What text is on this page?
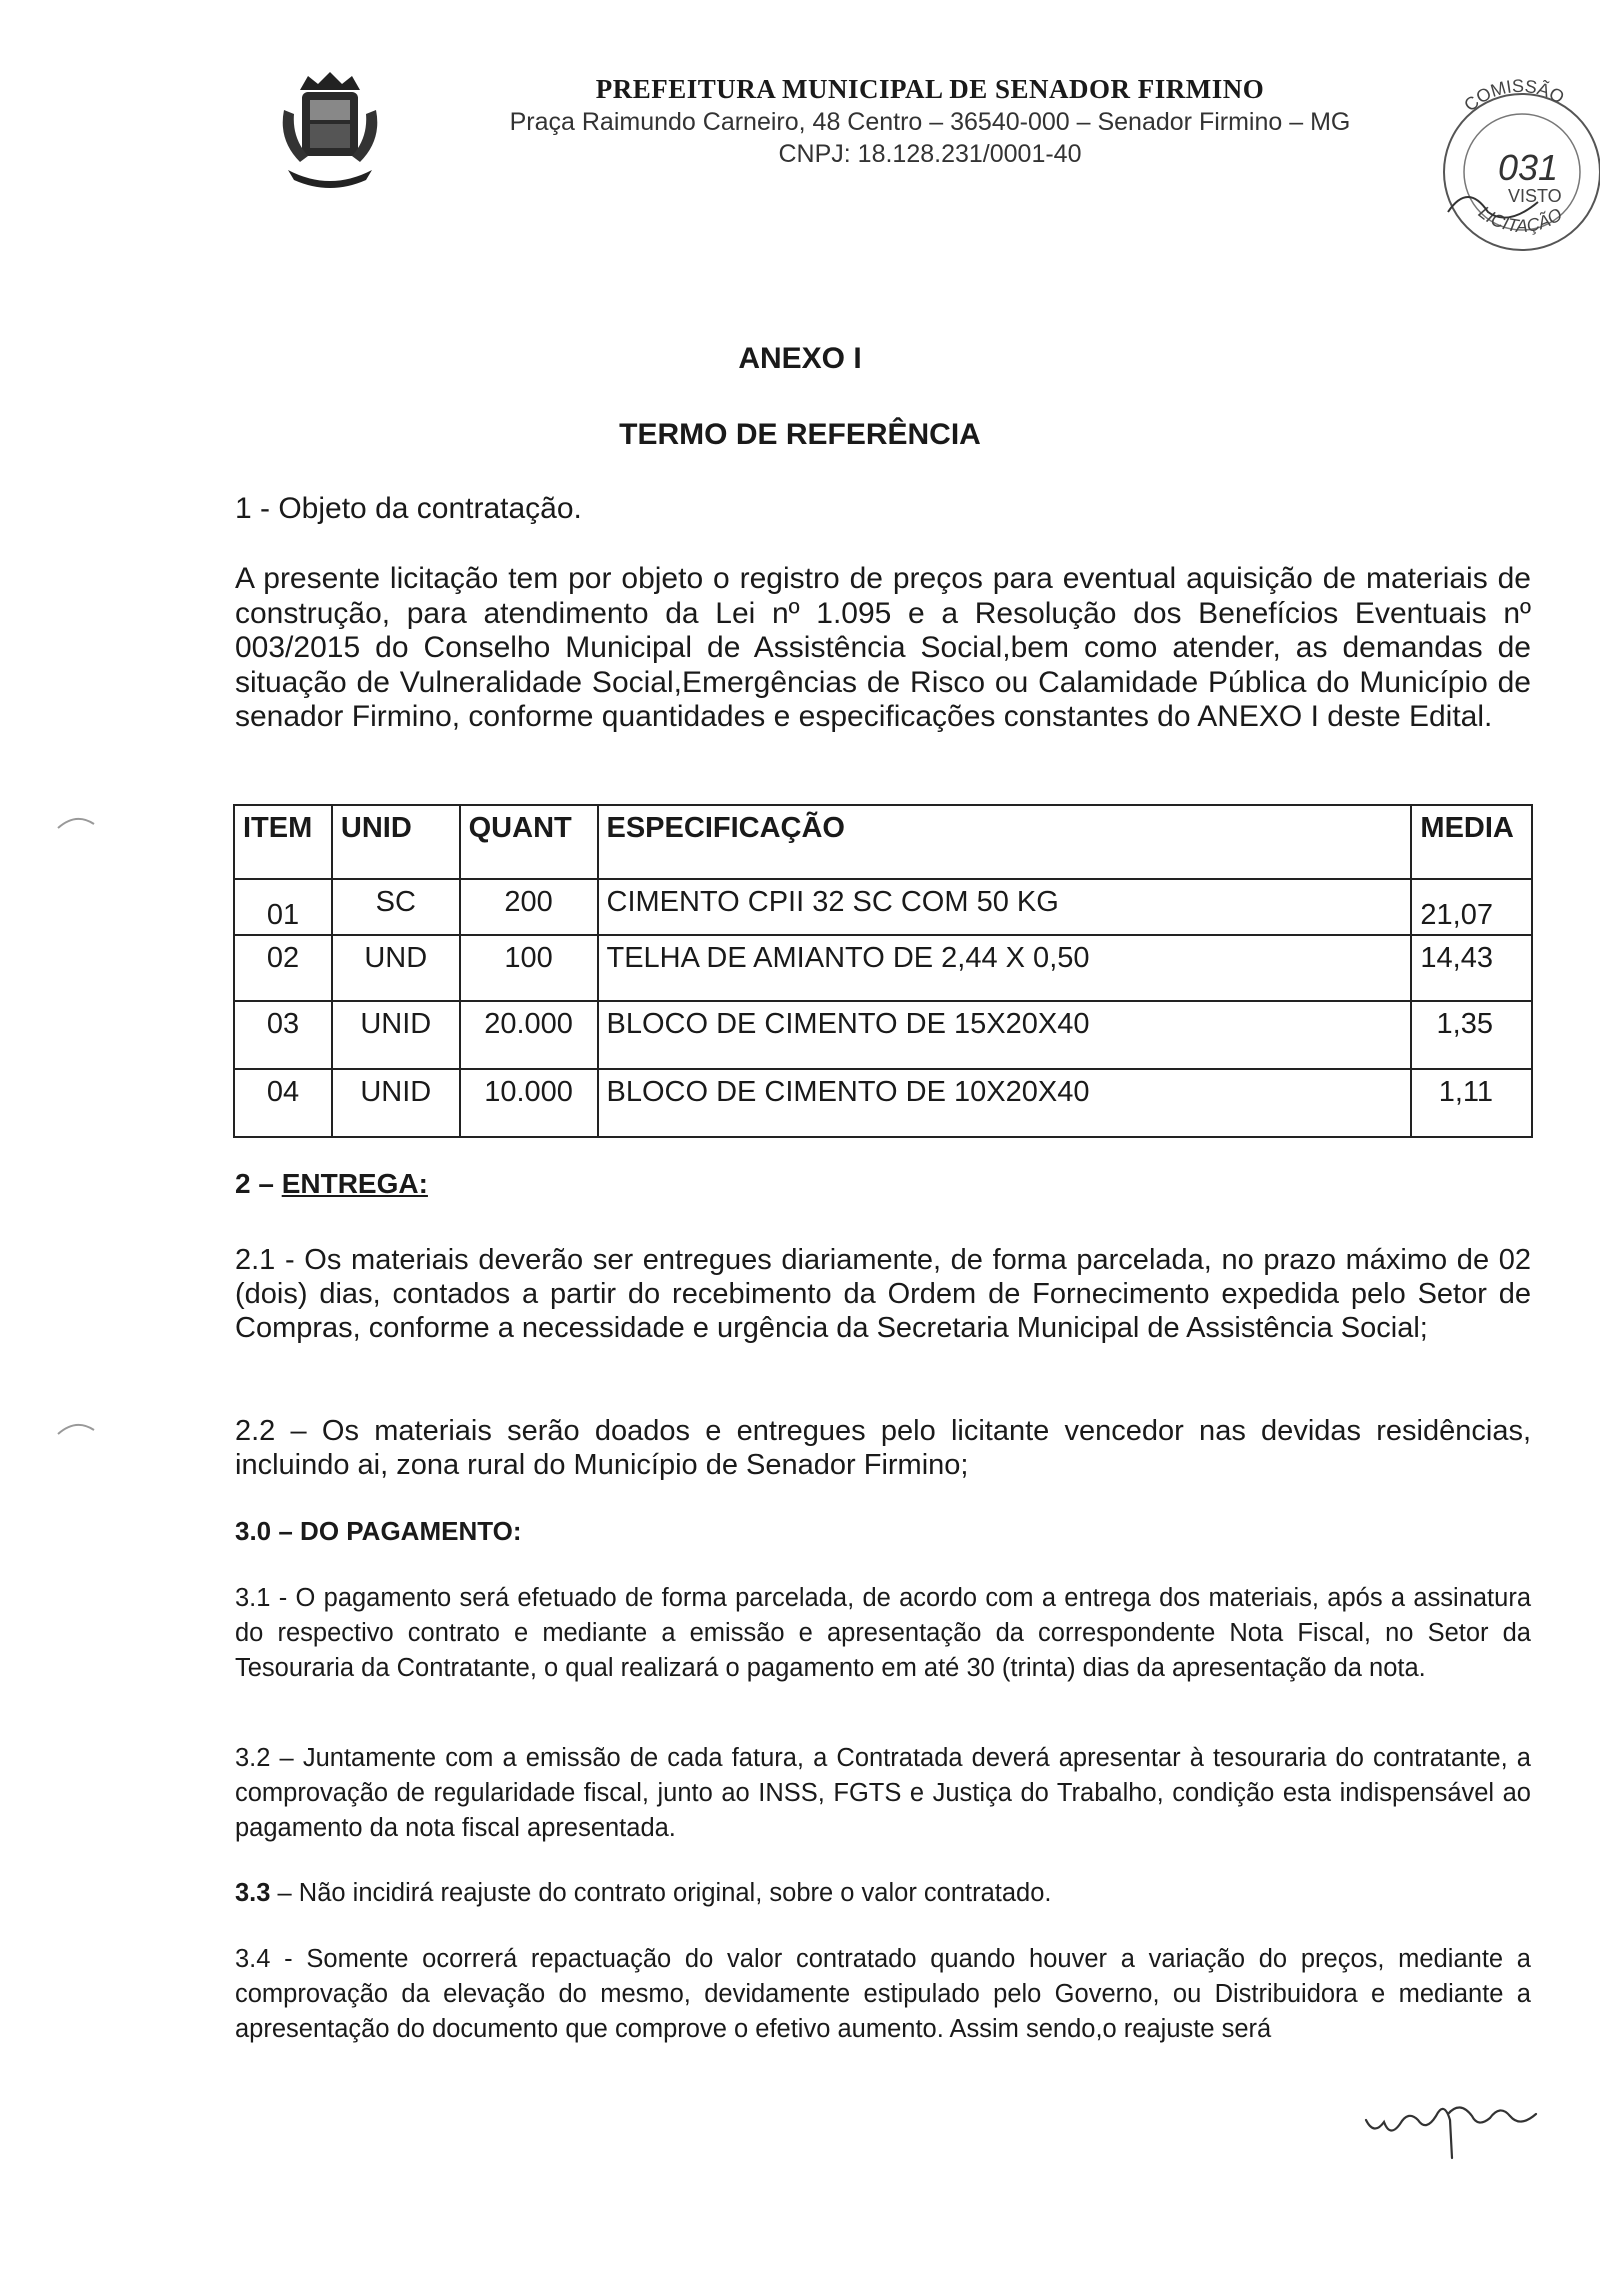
PREFEITURA MUNICIPAL DE SENADOR FIRMINO
Praça Raimundo Carneiro, 48 Centro – 36540-000 – Senador Firmino – MG
CNPJ: 18.128.231/0001-40
COMISSÃO
031
VISTO
LICITAÇÃO
ANEXO I
TERMO DE REFERÊNCIA
1 - Objeto da contratação.
A presente licitação tem por objeto o registro de preços para eventual aquisição de materiais de construção, para atendimento da Lei nº 1.095 e a Resolução dos Benefícios Eventuais nº 003/2015 do Conselho Municipal de Assistência Social,bem como atender, as demandas de situação de Vulneralidade Social,Emergências de Risco ou Calamidade Pública do Município de senador Firmino, conforme quantidades e especificações constantes do ANEXO I deste Edital.
ITEM	UNID	QUANT	ESPECIFICAÇÃO	MEDIA
01	SC	200	CIMENTO CPII 32 SC COM 50 KG	21,07
02	UND	100	TELHA DE AMIANTO DE 2,44 X 0,50	14,43
03	UNID	20.000	BLOCO DE CIMENTO DE 15X20X40	1,35
04	UNID	10.000	BLOCO DE CIMENTO DE 10X20X40	1,11
2 – ENTREGA:
2.1 - Os materiais deverão ser entregues diariamente, de forma parcelada, no prazo máximo de 02 (dois) dias, contados a partir do recebimento da Ordem de Fornecimento expedida pelo Setor de Compras, conforme a necessidade e urgência da Secretaria Municipal de Assistência Social;
2.2 – Os materiais serão doados e entregues pelo licitante vencedor nas devidas residências, incluindo ai, zona rural do Município de Senador Firmino;
3.0 – DO PAGAMENTO:
3.1 - O pagamento será efetuado de forma parcelada, de acordo com a entrega dos materiais, após a assinatura do respectivo contrato e mediante a emissão e apresentação da correspondente Nota Fiscal, no Setor da Tesouraria da Contratante, o qual realizará o pagamento em até 30 (trinta) dias da apresentação da nota.
3.2 – Juntamente com a emissão de cada fatura, a Contratada deverá apresentar à tesouraria do contratante, a comprovação de regularidade fiscal, junto ao INSS, FGTS e Justiça do Trabalho, condição esta indispensável ao pagamento da nota fiscal apresentada.
3.3 – Não incidirá reajuste do contrato original, sobre o valor contratado.
3.4 - Somente ocorrerá repactuação do valor contratado quando houver a variação do preços, mediante a comprovação da elevação do mesmo, devidamente estipulado pelo Governo, ou Distribuidora e mediante a apresentação do documento que comprove o efetivo aumento. Assim sendo,o reajuste será
